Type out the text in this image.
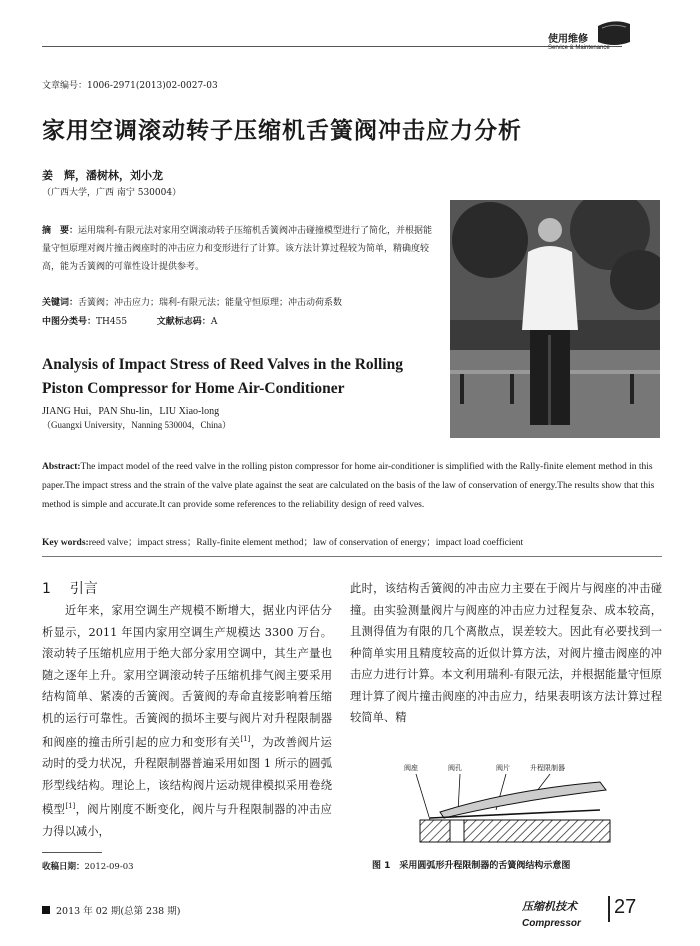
使用维修
Service & Maintenance
文章编号：1006-2971(2013)02-0027-03
家用空调滚动转子压缩机舌簧阀冲击应力分析
姜　辉，潘树林，刘小龙
（广西大学，广西 南宁 530004）
摘　要：运用瑞利-有限元法对家用空调滚动转子压缩机舌簧阀冲击碰撞模型进行了简化，并根据能量守恒原理对阀片撞击阀座时的冲击应力和变形进行了计算。该方法计算过程较为简单，精确度较高，能为舌簧阀的可靠性设计提供参考。
关键词：舌簧阀；冲击应力；瑞利-有限元法；能量守恒原理；冲击动荷系数
中图分类号：TH455	文献标志码：A
Analysis of Impact Stress of Reed Valves in the Rolling Piston Compressor for Home Air-Conditioner
JIANG Hui，PAN Shu-lin，LIU Xiao-long
（Guangxi University，Nanning 530004，China）
Abstract:The impact model of the reed valve in the rolling piston compressor for home air-conditioner is simplified with the Rally-finite element method in this paper.The impact stress and the strain of the valve plate against the seat are calculated on the basis of the law of conservation of energy.The results show that this method is simple and accurate.It can provide some references to the reliability design of reed valves.
Key words:reed valve；impact stress；Rally-finite element method；law of conservation of energy；impact load coefficient
1 引言
近年来，家用空调生产规模不断增大，据业内评估分析显示，2011 年国内家用空调生产规模达 3300 万台。滚动转子压缩机应用于绝大部分家用空调中，其生产量也随之逐年上升。家用空调滚动转子压缩机排气阀主要采用结构简单、紧凑的舌簧阀。舌簧阀的寿命直接影响着压缩机的运行可靠性。舌簧阀的损坏主要与阀片对升程限制器和阀座的撞击所引起的应力和变形有关[1]，为改善阀片运动时的受力状况，升程限制器普遍采用如图 1 所示的圆弧形型线结构。理论上，该结构阀片运动规律模拟采用卷绕模型[1]，阀片刚度不断变化，阀片与升程限制器的冲击应力得以减小，
此时，该结构舌簧阀的冲击应力主要在于阀片与阀座的冲击碰撞。由实验测量阀片与阀座的冲击应力过程复杂、成本较高，且测得值为有限的几个离散点，误差较大。因此有必要找到一种简单实用且精度较高的近似计算方法，对阀片撞击阀座的冲击应力进行计算。本文利用瑞利-有限元法，并根据能量守恒原理计算了阀片撞击阀座的冲击应力，结果表明该方法计算过程较简单、精
阀座	阀孔	阀片	升程限制器
图 1　采用圆弧形升程限制器的舌簧阀结构示意图
收稿日期：2012-09-03
2013 年 02 期(总第 238 期)	压缩机技术
Compressor
27
